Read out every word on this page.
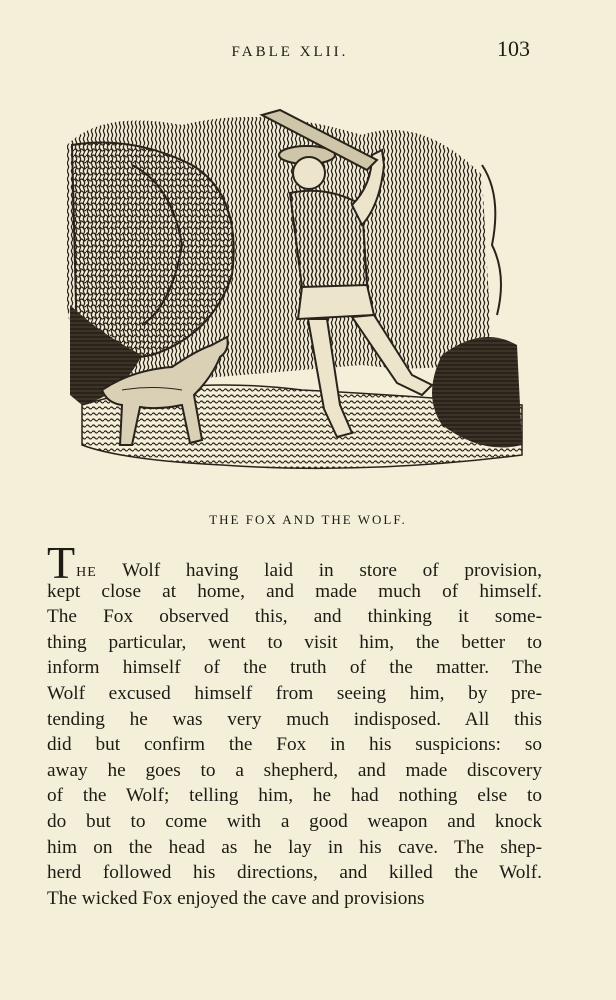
FABLE XLII.	103
THE FOX AND THE WOLF.
THE Wolf having laid in store of provision,
kept close at home, and made much of himself.
The Fox observed this, and thinking it some-
thing particular, went to visit him, the better to
inform himself of the truth of the matter. The
Wolf excused himself from seeing him, by pre-
tending he was very much indisposed. All this
did but confirm the Fox in his suspicions: so
away he goes to a shepherd, and made discovery
of the Wolf; telling him, he had nothing else to
do but to come with a good weapon and knock
him on the head as he lay in his cave. The shep-
herd followed his directions, and killed the Wolf.
The wicked Fox enjoyed the cave and provisions
